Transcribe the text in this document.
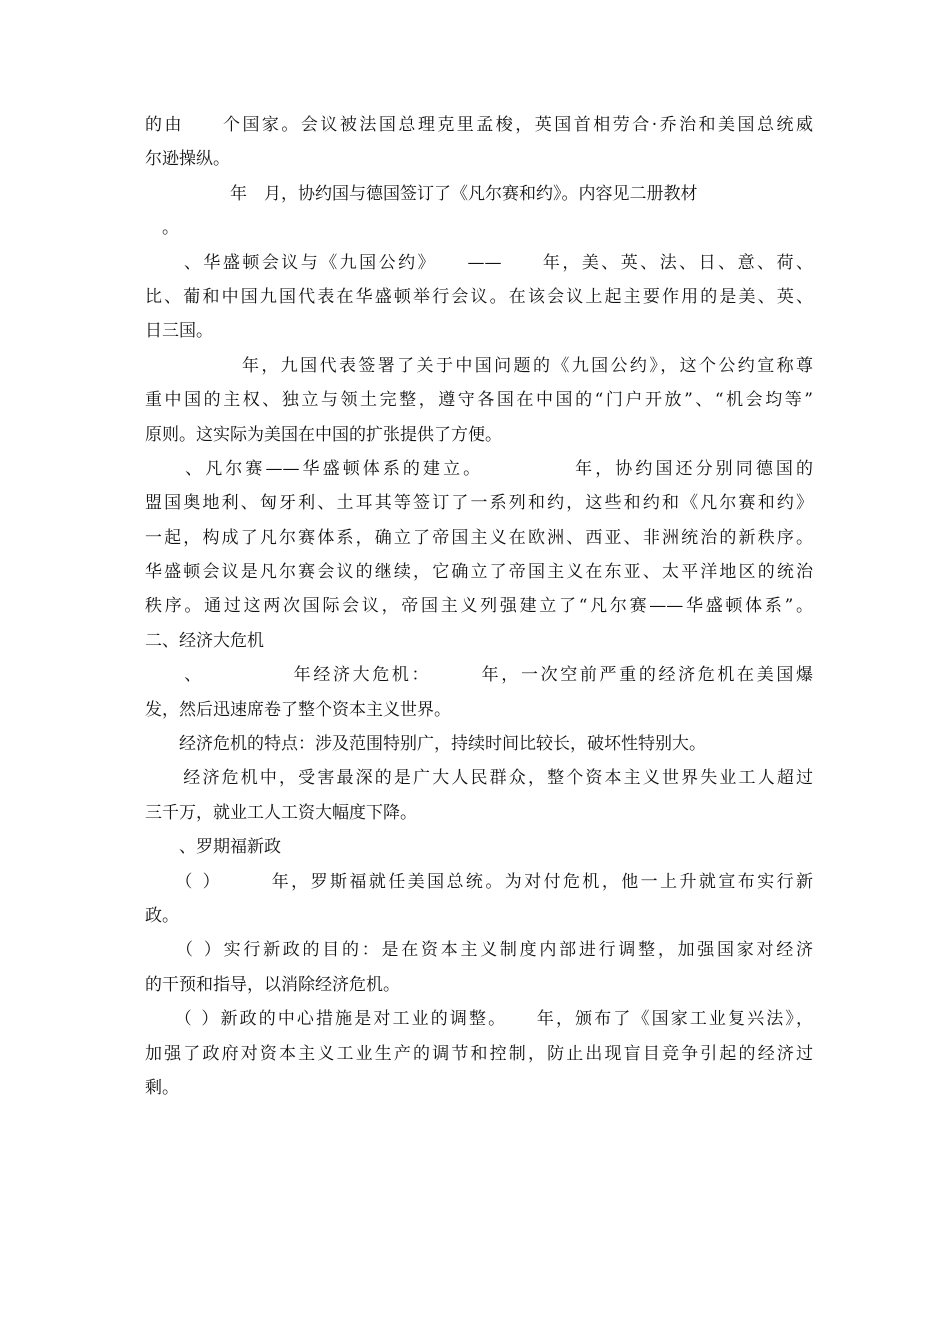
的由　　个国家。会议被法国总理克里孟梭，英国首相劳合·乔治和美国总统威
尔逊操纵。
　　　　　年　月，协约国与德国签订了《凡尔赛和约》。内容见二册教材
　。
　　、华盛顿会议与《九国公约》　　——　　年，美、英、法、日、意、荷、
比、葡和中国九国代表在华盛顿举行会议。在该会议上起主要作用的是美、英、
日三国。
　　　　　年，九国代表签署了关于中国问题的《九国公约》，这个公约宣称尊
重中国的主权、独立与领土完整，遵守各国在中国的“门户开放”、“机会均等”
原则。这实际为美国在中国的扩张提供了方便。
　　、凡尔赛——华盛顿体系的建立。　　　　　年，协约国还分别同德国的
盟国奥地利、匈牙利、土耳其等签订了一系列和约，这些和约和《凡尔赛和约》
一起，构成了凡尔赛体系，确立了帝国主义在欧洲、西亚、非洲统治的新秩序。
华盛顿会议是凡尔赛会议的继续，它确立了帝国主义在东亚、太平洋地区的统治
秩序。通过这两次国际会议，帝国主义列强建立了“凡尔赛——华盛顿体系”。
二、经济大危机
　　、　　　　　年经济大危机：　　　年，一次空前严重的经济危机在美国爆
发，然后迅速席卷了整个资本主义世界。
　　经济危机的特点：涉及范围特别广，持续时间比较长，破坏性特别大。
　　经济危机中，受害最深的是广大人民群众，整个资本主义世界失业工人超过
三千万，就业工人工资大幅度下降。
　　、罗期福新政
　　（ ）　　　年，罗斯福就任美国总统。为对付危机，他一上升就宣布实行新
政。
　　（ ）实行新政的目的：是在资本主义制度内部进行调整，加强国家对经济
的干预和指导，以消除经济危机。
　　（ ）新政的中心措施是对工业的调整。　　年，颁布了《国家工业复兴法》，
加强了政府对资本主义工业生产的调节和控制，防止出现盲目竞争引起的经济过
剩。
